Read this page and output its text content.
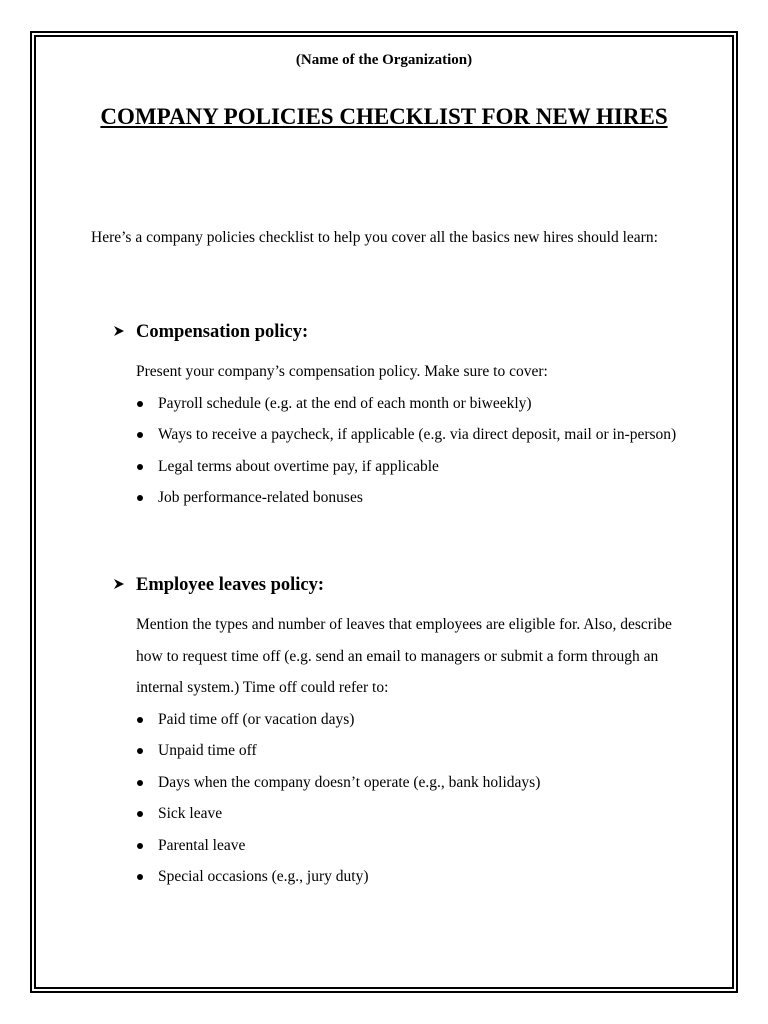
(Name of the Organization)
COMPANY POLICIES CHECKLIST FOR NEW HIRES
Here’s a company policies checklist to help you cover all the basics new hires should learn:
Compensation policy:
Present your company’s compensation policy. Make sure to cover:
Payroll schedule (e.g. at the end of each month or biweekly)
Ways to receive a paycheck, if applicable (e.g. via direct deposit, mail or in-person)
Legal terms about overtime pay, if applicable
Job performance-related bonuses
Employee leaves policy:
Mention the types and number of leaves that employees are eligible for. Also, describe how to request time off (e.g. send an email to managers or submit a form through an internal system.) Time off could refer to:
Paid time off (or vacation days)
Unpaid time off
Days when the company doesn’t operate (e.g., bank holidays)
Sick leave
Parental leave
Special occasions (e.g., jury duty)
